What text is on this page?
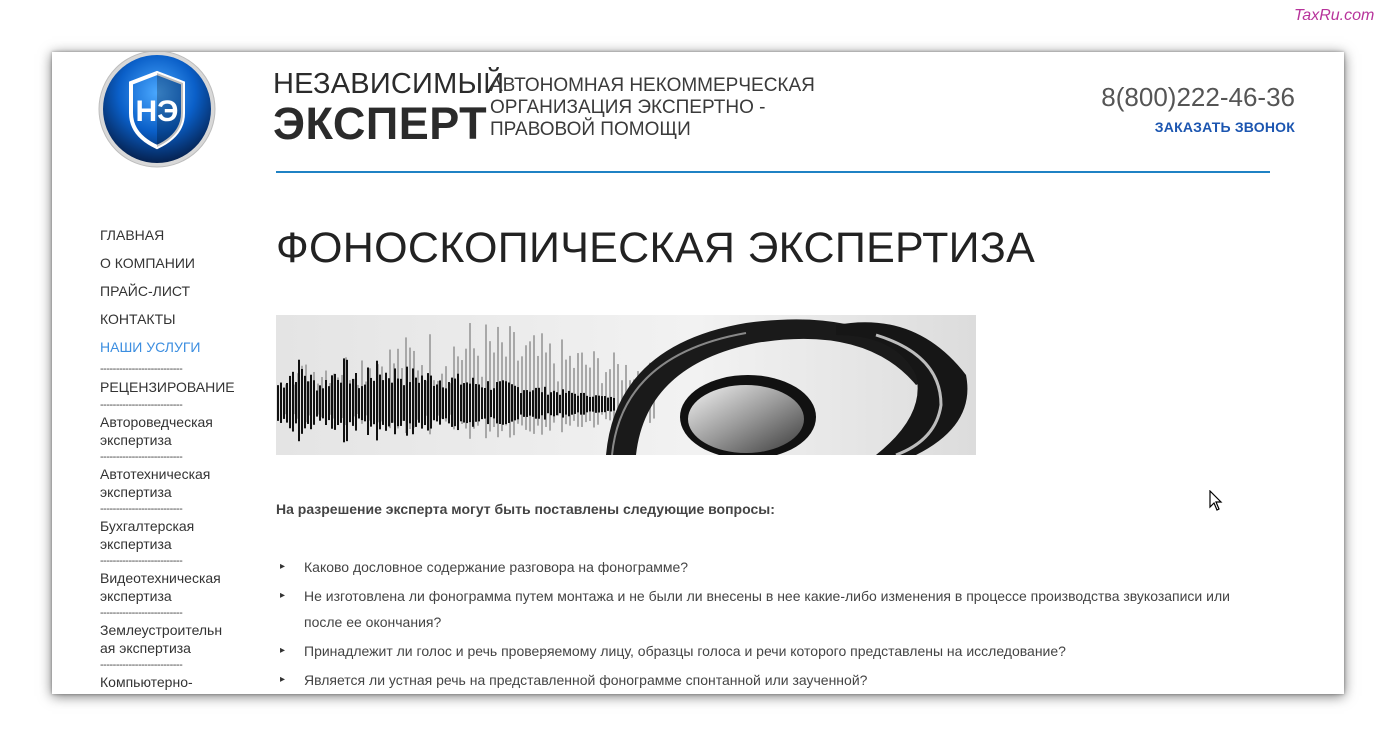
TaxRu.com
НЭ
НЕЗАВИСИМЫЙ
ЭКСПЕРТ
АВТОНОМНАЯ НЕКОММЕРЧЕСКАЯ
ОРГАНИЗАЦИЯ ЭКСПЕРТНО -
ПРАВОВОЙ ПОМОЩИ
8(800)222-46-36
ЗАКАЗАТЬ ЗВОНОК
ГЛАВНАЯ
О КОМПАНИИ
ПРАЙС-ЛИСТ
КОНТАКТЫ
НАШИ УСЛУГИ
--------------------------
РЕЦЕНЗИРОВАНИЕ
--------------------------
Автороведческая
экспертиза
--------------------------
Автотехническая
экспертиза
--------------------------
Бухгалтерская
экспертиза
--------------------------
Видеотехническая
экспертиза
--------------------------
Землеустроительн
ая экспертиза
--------------------------
Компьютерно-
ФОНОСКОПИЧЕСКАЯ ЭКСПЕРТИЗА
На разрешение эксперта могут быть поставлены следующие вопросы:
▸ Каково дословное содержание разговора на фонограмме?
▸ Не изготовлена ли фонограмма путем монтажа и не были ли внесены в нее какие-либо изменения в процессе производства звукозаписи или
после ее окончания?
▸ Принадлежит ли голос и речь проверяемому лицу, образцы голоса и речи которого представлены на исследование?
▸ Является ли устная речь на представленной фонограмме спонтанной или заученной?
